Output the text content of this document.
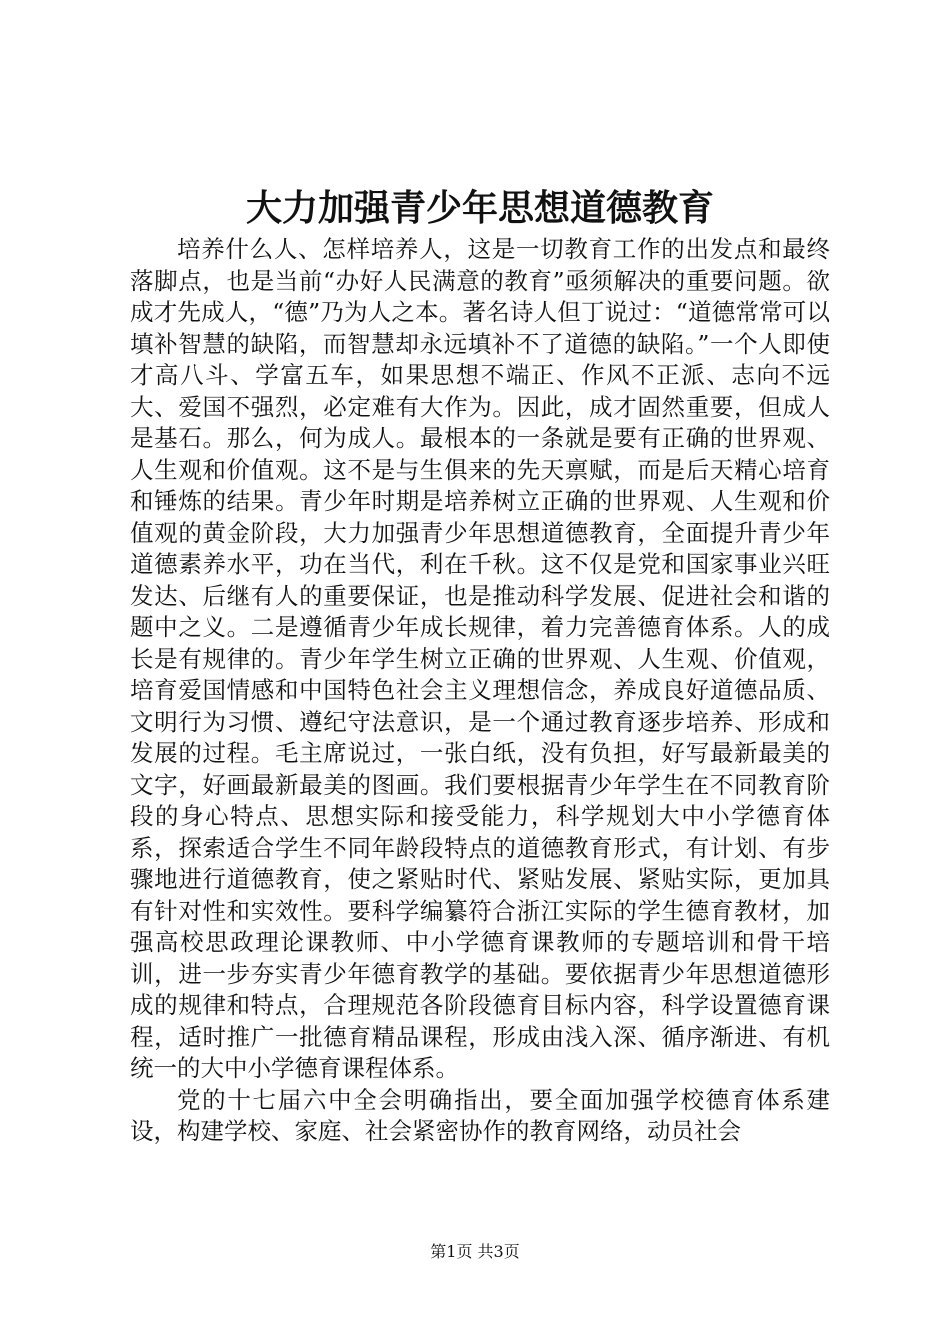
大力加强青少年思想道德教育

培养什么人、怎样培养人，这是一切教育工作的出发点和最终落脚点，也是当前“办好人民满意的教育”亟须解决的重要问题。欲成才先成人，“德”乃为人之本。著名诗人但丁说过：“道德常常可以填补智慧的缺陷，而智慧却永远填补不了道德的缺陷。”一个人即使才高八斗、学富五车，如果思想不端正、作风不正派、志向不远大、爱国不强烈，必定难有大作为。因此，成才固然重要，但成人是基石。那么，何为成人。最根本的一条就是要有正确的世界观、人生观和价值观。这不是与生俱来的先天禀赋，而是后天精心培育和锤炼的结果。青少年时期是培养树立正确的世界观、人生观和价值观的黄金阶段，大力加强青少年思想道德教育，全面提升青少年道德素养水平，功在当代，利在千秋。这不仅是党和国家事业兴旺发达、后继有人的重要保证，也是推动科学发展、促进社会和谐的题中之义。二是遵循青少年成长规律，着力完善德育体系。人的成长是有规律的。青少年学生树立正确的世界观、人生观、价值观，培育爱国情感和中国特色社会主义理想信念，养成良好道德品质、文明行为习惯、遵纪守法意识，是一个通过教育逐步培养、形成和发展的过程。毛主席说过，一张白纸，没有负担，好写最新最美的文字，好画最新最美的图画。我们要根据青少年学生在不同教育阶段的身心特点、思想实际和接受能力，科学规划大中小学德育体系，探索适合学生不同年龄段特点的道德教育形式，有计划、有步骤地进行道德教育，使之紧贴时代、紧贴发展、紧贴实际，更加具有针对性和实效性。要科学编纂符合浙江实际的学生德育教材，加强高校思政理论课教师、中小学德育课教师的专题培训和骨干培训，进一步夯实青少年德育教学的基础。要依据青少年思想道德形成的规律和特点，合理规范各阶段德育目标内容，科学设置德育课程，适时推广一批德育精品课程，形成由浅入深、循序渐进、有机统一的大中小学德育课程体系。

党的十七届六中全会明确指出，要全面加强学校德育体系建设，构建学校、家庭、社会紧密协作的教育网络，动员社会

第1页 共3页
